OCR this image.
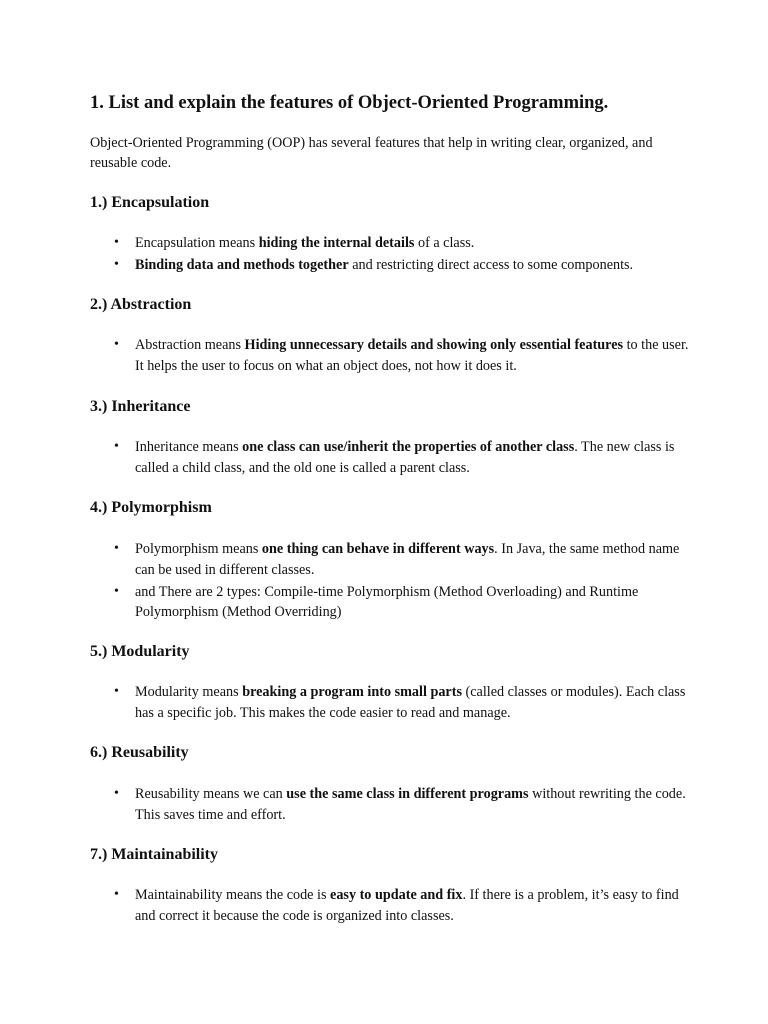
1. List and explain the features of Object-Oriented Programming.

Object-Oriented Programming (OOP) has several features that help in writing clear, organized, and reusable code.

1.) Encapsulation
• Encapsulation means hiding the internal details of a class.
• Binding data and methods together and restricting direct access to some components.
2.) Abstraction
• Abstraction means Hiding unnecessary details and showing only essential features to the user. It helps the user to focus on what an object does, not how it does it.
3.) Inheritance
• Inheritance means one class can use/inherit the properties of another class. The new class is called a child class, and the old one is called a parent class.
4.) Polymorphism
• Polymorphism means one thing can behave in different ways. In Java, the same method name can be used in different classes.
• and There are 2 types: Compile-time Polymorphism (Method Overloading) and Runtime Polymorphism (Method Overriding)
5.) Modularity
• Modularity means breaking a program into small parts (called classes or modules). Each class has a specific job. This makes the code easier to read and manage.
6.) Reusability
• Reusability means we can use the same class in different programs without rewriting the code. This saves time and effort.
7.) Maintainability
• Maintainability means the code is easy to update and fix. If there is a problem, it’s easy to find and correct it because the code is organized into classes.
